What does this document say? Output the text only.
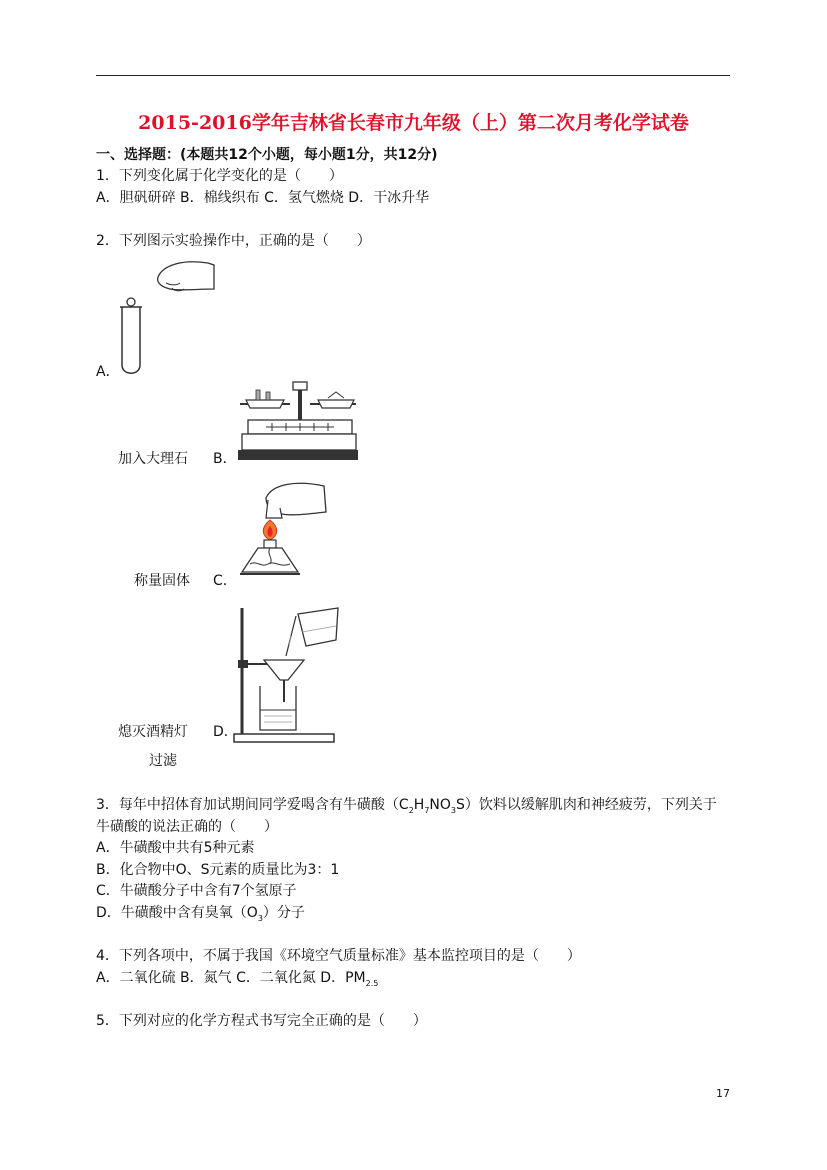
2015-2016学年吉林省长春市九年级（上）第二次月考化学试卷
一、选择题：(本题共12个小题，每小题1分，共12分)
1．下列变化属于化学变化的是（　　）
A．胆矾研碎 B．棉线织布 C．氢气燃烧 D．干冰升华
2．下列图示实验操作中，正确的是（　　）
A．
加入大理石 B．
称量固体 C．
熄灭酒精灯 D．
过滤
3．每年中招体育加试期间同学爱喝含有牛磺酸$(C_2H_7NO_3S)$饮料以缓解肌肉和神经疲劳，下列关于
牛磺酸的说法正确的（　　）
A．牛磺酸中共有5种元素
B．化合物中O、S元素的质量比为3：1
C．牛磺酸分子中含有7个氢原子
D．牛磺酸中含有臭氧$(O_3)$分子
4．下列各项中，不属于我国《环境空气质量标准》基本监控项目的是（　　）
A．二氧化硫 B．氮气 C．二氧化氮 D．$PM_{2.5}$
5．下列对应的化学方程式书写完全正确的是（　　）
17
